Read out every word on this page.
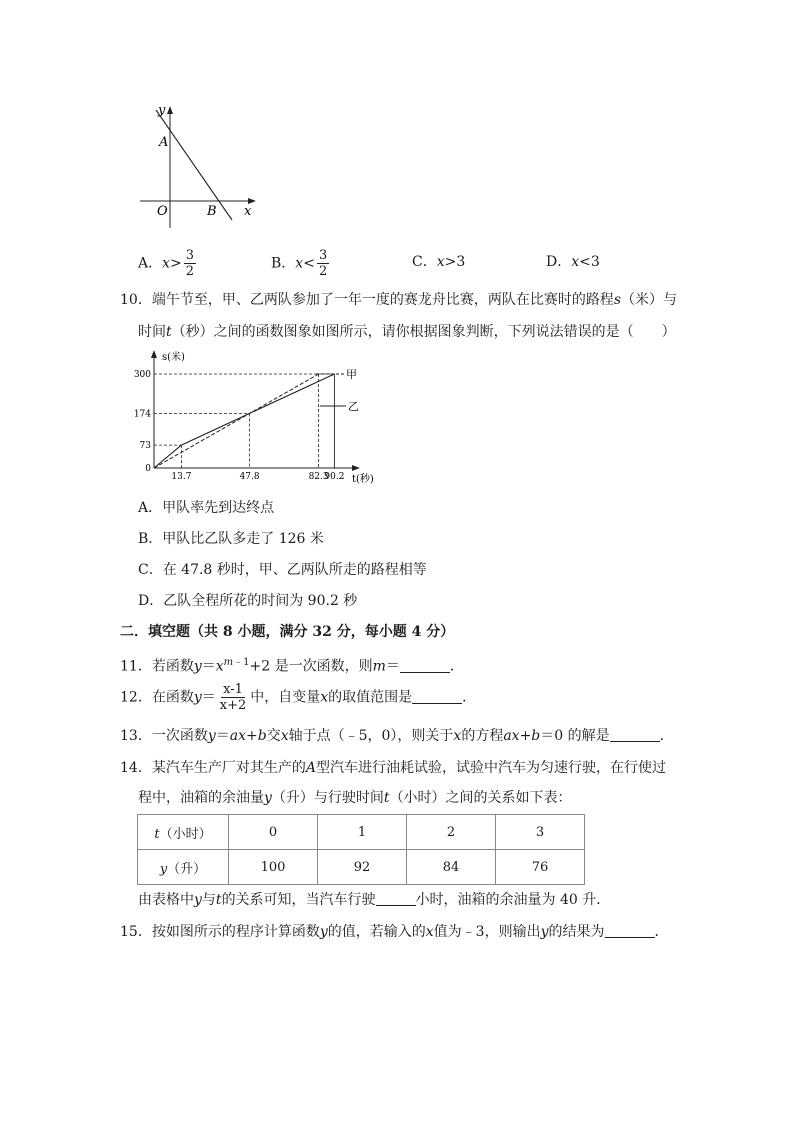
y
A
O	B x
A．$x> \frac{3}{2}$	B．$x< \frac{3}{2}$	C．x>3	D．x<3
10．端午节至，甲、乙两队参加了一年一度的赛龙舟比赛，两队在比赛时的路程s（米）与
时间t（秒）之间的函数图象如图所示，请你根据图象判断，下列说法错误的是（　　）
s(米)
t(秒)
甲
乙
0
73
174
300
13.7	47.8	82.3
90.2
A．甲队率先到达终点
B．甲队比乙队多走了 126 米
C．在 47.8 秒时，甲、乙两队所走的路程相等
D．乙队全程所花的时间为 90.2 秒
二．填空题（共 8 小题，满分 32 分，每小题 4 分）
11．若函数$y=x^{m﹣1}+2$ 是一次函数，则m＝	．
12．在函数$y= \frac{x-1}{x+2}$ 中，自变量x的取值范围是	．
13．一次函数y＝ax+b交x轴于点（﹣5，0），则关于x的方程ax+b＝0 的解是	．
14．某汽车生产厂对其生产的A型汽车进行油耗试验，试验中汽车为匀速行驶，在行使过
程中，油箱的余油量y（升）与行驶时间t（小时）之间的关系如下表：
t（小时）	0	1	2	3
y（升）	100	92	84	76
由表格中y与t的关系可知，当汽车行驶	小时，油箱的余油量为 40 升．
15．按如图所示的程序计算函数y的值，若输入的x值为﹣3，则输出y的结果为	．
